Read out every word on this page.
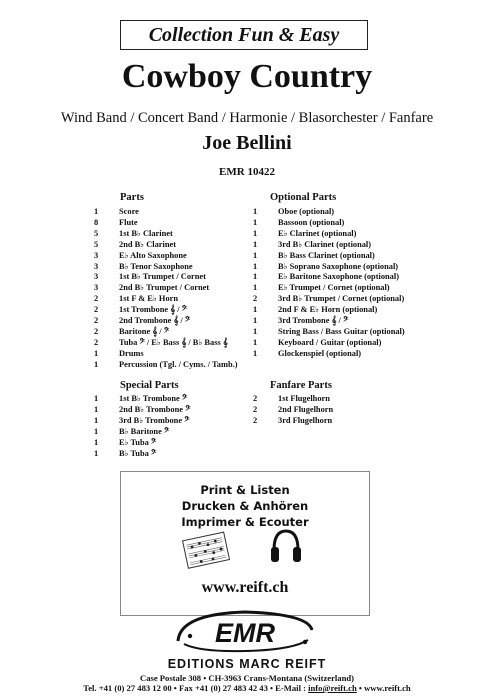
Collection Fun & Easy
Cowboy Country
Wind Band / Concert Band / Harmonie / Blasorchester / Fanfare
Joe Bellini
EMR 10422
Parts
1	Score
8	Flute
5	1st B♭ Clarinet
5	2nd B♭ Clarinet
3	E♭ Alto Saxophone
3	B♭ Tenor Saxophone
3	1st B♭ Trumpet / Cornet
3	2nd B♭ Trumpet / Cornet
2	1st F & E♭ Horn
2	1st Trombone 𝄞 / 𝄢
2	2nd Trombone 𝄞 / 𝄢
2	Baritone 𝄞 / 𝄢
2	Tuba 𝄢 / E♭ Bass 𝄞 / B♭ Bass 𝄞
1	Drums
1	Percussion (Tgl. / Cyms. / Tamb.)
Optional Parts
1	Oboe (optional)
1	Bassoon (optional)
1	E♭ Clarinet (optional)
1	3rd B♭ Clarinet (optional)
1	B♭ Bass Clarinet (optional)
1	B♭ Soprano Saxophone (optional)
1	E♭ Baritone Saxophone (optional)
1	E♭ Trumpet / Cornet (optional)
2	3rd B♭ Trumpet / Cornet (optional)
1	2nd F & E♭ Horn (optional)
1	3rd Trombone 𝄞 / 𝄢
1	String Bass / Bass Guitar (optional)
1	Keyboard / Guitar (optional)
1	Glockenspiel (optional)
Special Parts
1	1st B♭ Trombone 𝄢
1	2nd B♭ Trombone 𝄢
1	3rd B♭ Trombone 𝄢
1	B♭ Baritone 𝄢
1	E♭ Tuba 𝄢
1	B♭ Tuba 𝄢
Fanfare Parts
2	1st Flugelhorn
2	2nd Flugelhorn
2	3rd Flugelhorn
Print & Listen
Drucken & Anhören
Imprimer & Ecouter
www.reift.ch
EMR
EDITIONS MARC REIFT
Case Postale 308 • CH-3963 Crans-Montana (Switzerland)
Tel. +41 (0) 27 483 12 00 • Fax +41 (0) 27 483 42 43 • E-Mail : info@reift.ch • www.reift.ch
